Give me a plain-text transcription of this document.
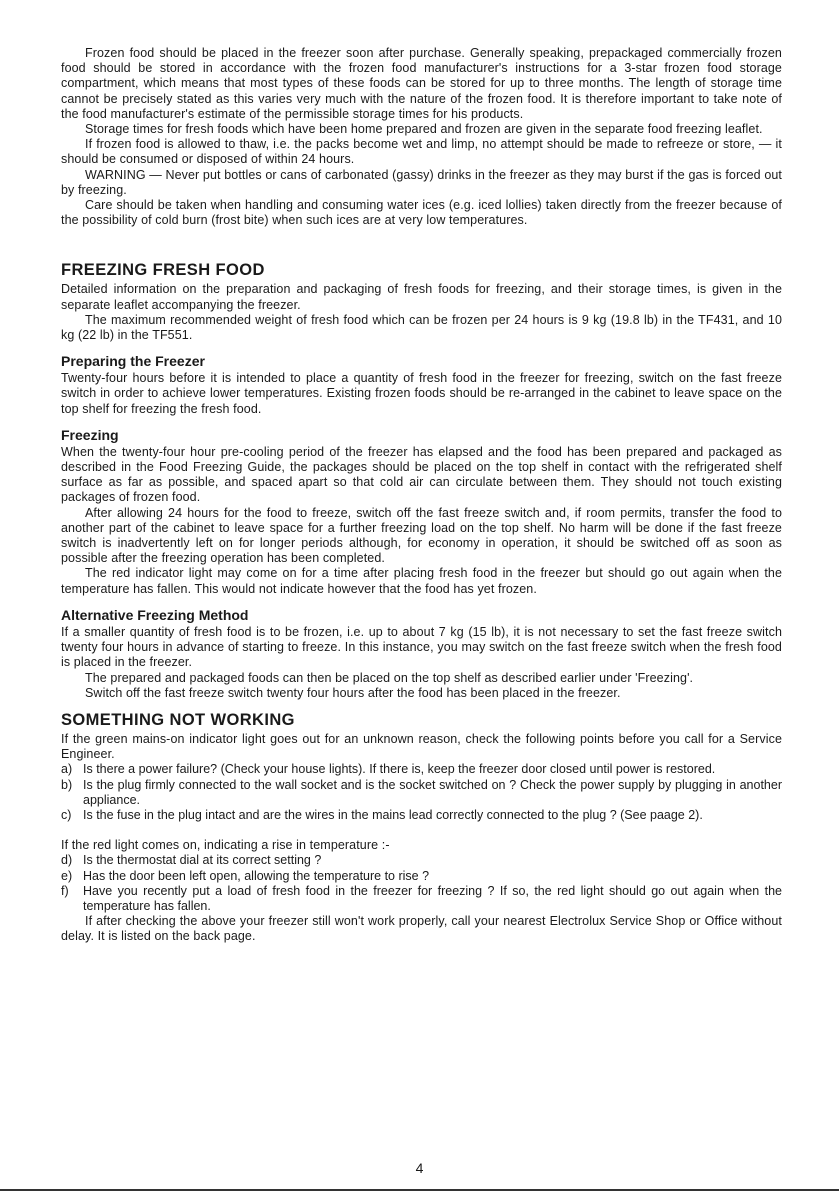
Frozen food should be placed in the freezer soon after purchase. Generally speaking, prepackaged commercially frozen food should be stored in accordance with the frozen food manufacturer's instructions for a 3-star frozen food storage compartment, which means that most types of these foods can be stored for up to three months. The length of storage time cannot be precisely stated as this varies very much with the nature of the frozen food. It is therefore important to take note of the food manufacturer's estimate of the permissible storage times for his products.

Storage times for fresh foods which have been home prepared and frozen are given in the separate food freezing leaflet.

If frozen food is allowed to thaw, i.e. the packs become wet and limp, no attempt should be made to refreeze or store, — it should be consumed or disposed of within 24 hours.

WARNING — Never put bottles or cans of carbonated (gassy) drinks in the freezer as they may burst if the gas is forced out by freezing.

Care should be taken when handling and consuming water ices (e.g. iced lollies) taken directly from the freezer because of the possibility of cold burn (frost bite) when such ices are at very low temperatures.

FREEZING FRESH FOOD

Detailed information on the preparation and packaging of fresh foods for freezing, and their storage times, is given in the separate leaflet accompanying the freezer.

The maximum recommended weight of fresh food which can be frozen per 24 hours is 9 kg (19.8 lb) in the TF431, and 10 kg (22 lb) in the TF551.

Preparing the Freezer

Twenty-four hours before it is intended to place a quantity of fresh food in the freezer for freezing, switch on the fast freeze switch in order to achieve lower temperatures. Existing frozen foods should be re-arranged in the cabinet to leave space on the top shelf for freezing the fresh food.

Freezing

When the twenty-four hour pre-cooling period of the freezer has elapsed and the food has been prepared and packaged as described in the Food Freezing Guide, the packages should be placed on the top shelf in contact with the refrigerated shelf surface as far as possible, and spaced apart so that cold air can circulate between them. They should not touch existing packages of frozen food.

After allowing 24 hours for the food to freeze, switch off the fast freeze switch and, if room permits, transfer the food to another part of the cabinet to leave space for a further freezing load on the top shelf. No harm will be done if the fast freeze switch is inadvertently left on for longer periods although, for economy in operation, it should be switched off as soon as possible after the freezing operation has been completed.

The red indicator light may come on for a time after placing fresh food in the freezer but should go out again when the temperature has fallen. This would not indicate however that the food has yet frozen.

Alternative Freezing Method

If a smaller quantity of fresh food is to be frozen, i.e. up to about 7 kg (15 lb), it is not necessary to set the fast freeze switch twenty four hours in advance of starting to freeze. In this instance, you may switch on the fast freeze switch when the fresh food is placed in the freezer.

The prepared and packaged foods can then be placed on the top shelf as described earlier under 'Freezing'.

Switch off the fast freeze switch twenty four hours after the food has been placed in the freezer.

SOMETHING NOT WORKING

If the green mains-on indicator light goes out for an unknown reason, check the following points before you call for a Service Engineer.

a) Is there a power failure? (Check your house lights). If there is, keep the freezer door closed until power is restored.
b) Is the plug firmly connected to the wall socket and is the socket switched on ? Check the power supply by plugging in another appliance.
c) Is the fuse in the plug intact and are the wires in the mains lead correctly connected to the plug ? (See paage 2).

If the red light comes on, indicating a rise in temperature :-

d) Is the thermostat dial at its correct setting ?
e) Has the door been left open, allowing the temperature to rise ?
f) Have you recently put a load of fresh food in the freezer for freezing ? If so, the red light should go out again when the temperature has fallen.

If after checking the above your freezer still won't work properly, call your nearest Electrolux Service Shop or Office without delay. It is listed on the back page.

4
